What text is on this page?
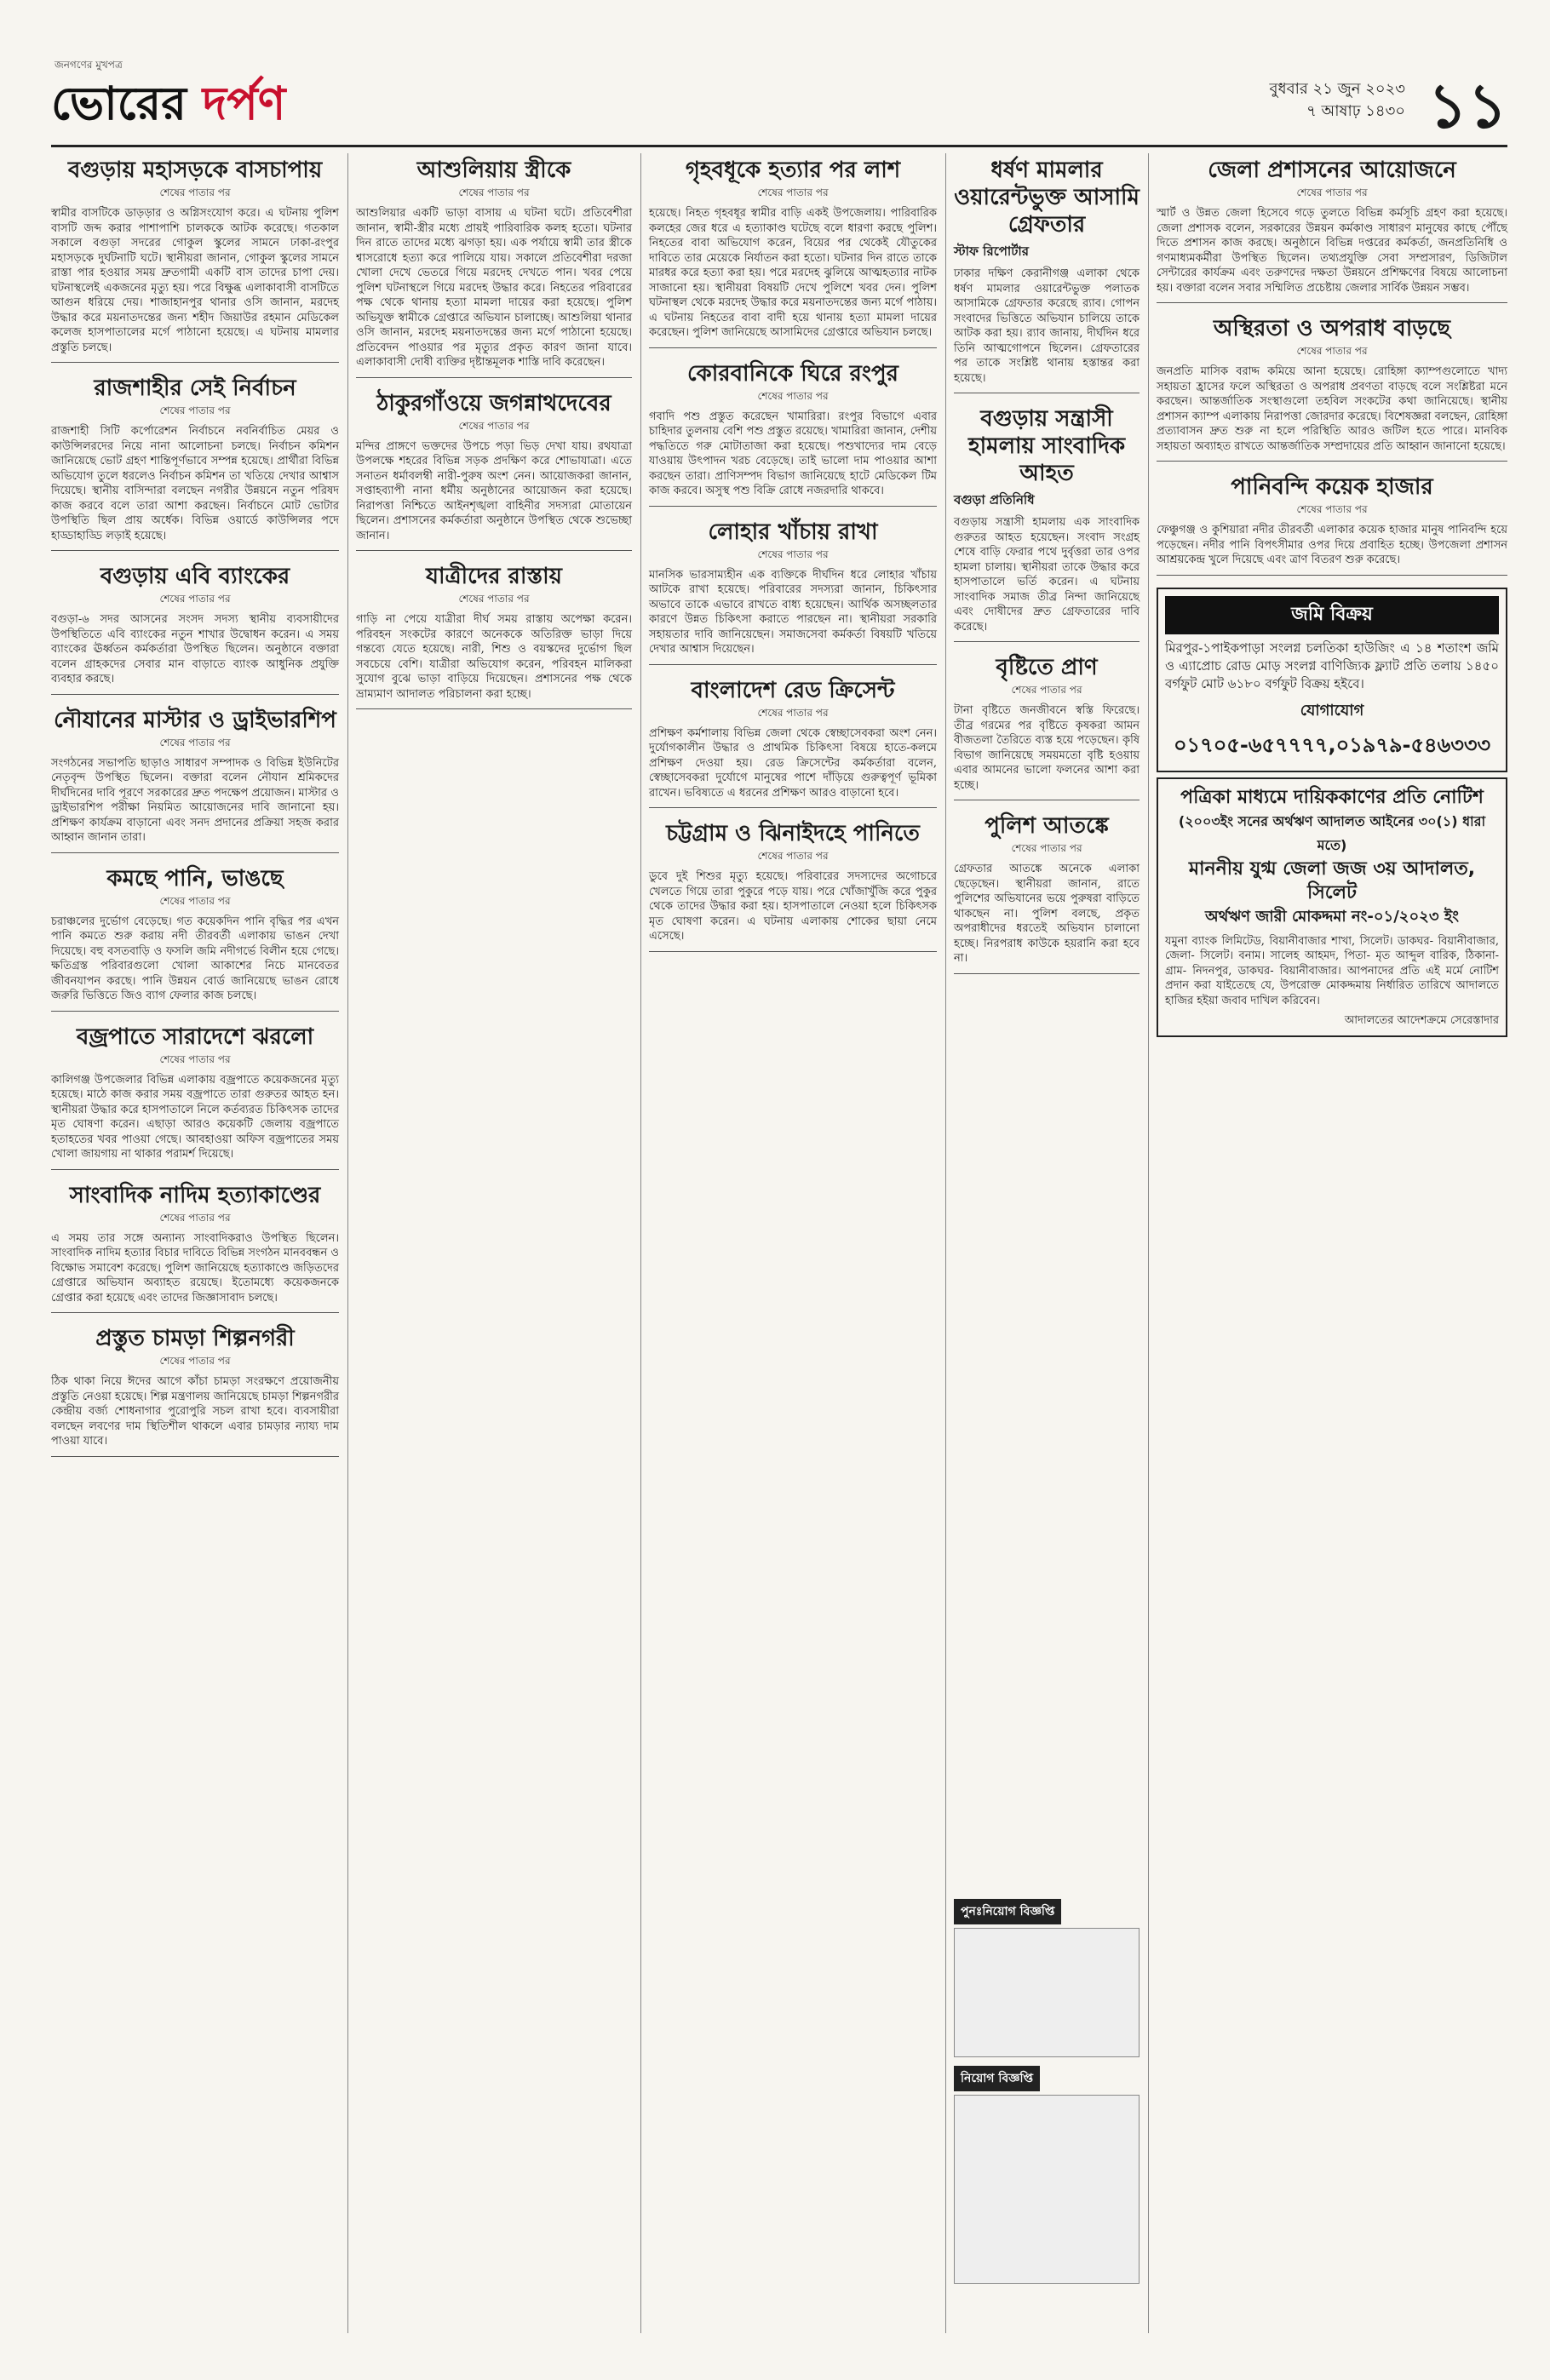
জনগণের মুখপত্র
ভোরের দর্পণ	বুধবার ২১ জুন ২০২৩
৭ আষাঢ় ১৪৩০ ১১
বগুড়ায় মহাসড়কে বাসচাপায়
শেষের পাতার পর
স্বামীর বাসটিকে ডাড়ড়ার ও অগ্নিসংযোগ করে। এ ঘটনায় পুলিশ বাসটি জব্দ করার পাশাপাশি চালককে আটক করেছে। গতকাল সকালে বগুড়া সদরের গোকুল স্কুলের সামনে ঢাকা-রংপুর মহাসড়কে দুর্ঘটনাটি ঘটে। স্থানীয়রা জানান, গোকুল স্কুলের সামনে রাস্তা পার হওয়ার সময় দ্রুতগামী একটি বাস তাদের চাপা দেয়। ঘটনাস্থলেই একজনের মৃত্যু হয়। পরে বিক্ষুব্ধ এলাকাবাসী বাসটিতে আগুন ধরিয়ে দেয়। শাজাহানপুর থানার ওসি জানান, মরদেহ উদ্ধার করে ময়নাতদন্তের জন্য শহীদ জিয়াউর রহমান মেডিকেল কলেজ হাসপাতালের মর্গে পাঠানো হয়েছে। এ ঘটনায় মামলার প্রস্তুতি চলছে।
রাজশাহীর সেই নির্বাচন
শেষের পাতার পর
রাজশাহী সিটি কর্পোরেশন নির্বাচনে নবনির্বাচিত মেয়র ও কাউন্সিলরদের নিয়ে নানা আলোচনা চলছে। নির্বাচন কমিশন জানিয়েছে ভোট গ্রহণ শান্তিপূর্ণভাবে সম্পন্ন হয়েছে। প্রার্থীরা বিভিন্ন অভিযোগ তুলে ধরলেও নির্বাচন কমিশন তা খতিয়ে দেখার আশ্বাস দিয়েছে। স্থানীয় বাসিন্দারা বলছেন নগরীর উন্নয়নে নতুন পরিষদ কাজ করবে বলে তারা আশা করছেন। নির্বাচনে মোট ভোটার উপস্থিতি ছিল প্রায় অর্ধেক। বিভিন্ন ওয়ার্ডে কাউন্সিলর পদে হাড্ডাহাড্ডি লড়াই হয়েছে।
বগুড়ায় এবি ব্যাংকের
শেষের পাতার পর
বগুড়া-৬ সদর আসনের সংসদ সদস্য স্থানীয় ব্যবসায়ীদের উপস্থিতিতে এবি ব্যাংকের নতুন শাখার উদ্বোধন করেন। এ সময় ব্যাংকের ঊর্ধ্বতন কর্মকর্তারা উপস্থিত ছিলেন। অনুষ্ঠানে বক্তারা বলেন গ্রাহকদের সেবার মান বাড়াতে ব্যাংক আধুনিক প্রযুক্তি ব্যবহার করছে।
নৌযানের মাস্টার ও ড্রাইভারশিপ
শেষের পাতার পর
সংগঠনের সভাপতি ছাড়াও সাধারণ সম্পাদক ও বিভিন্ন ইউনিটের নেতৃবৃন্দ উপস্থিত ছিলেন। বক্তারা বলেন নৌযান শ্রমিকদের দীর্ঘদিনের দাবি পূরণে সরকারের দ্রুত পদক্ষেপ প্রয়োজন। মাস্টার ও ড্রাইভারশিপ পরীক্ষা নিয়মিত আয়োজনের দাবি জানানো হয়। প্রশিক্ষণ কার্যক্রম বাড়ানো এবং সনদ প্রদানের প্রক্রিয়া সহজ করার আহ্বান জানান তারা।
কমছে পানি, ভাঙছে
শেষের পাতার পর
চরাঞ্চলের দুর্ভোগ বেড়েছে। গত কয়েকদিন পানি বৃদ্ধির পর এখন পানি কমতে শুরু করায় নদী তীরবর্তী এলাকায় ভাঙন দেখা দিয়েছে। বহু বসতবাড়ি ও ফসলি জমি নদীগর্ভে বিলীন হয়ে গেছে। ক্ষতিগ্রস্ত পরিবারগুলো খোলা আকাশের নিচে মানবেতর জীবনযাপন করছে। পানি উন্নয়ন বোর্ড জানিয়েছে ভাঙন রোধে জরুরি ভিত্তিতে জিও ব্যাগ ফেলার কাজ চলছে।
বজ্রপাতে সারাদেশে ঝরলো
শেষের পাতার পর
কালিগঞ্জ উপজেলার বিভিন্ন এলাকায় বজ্রপাতে কয়েকজনের মৃত্যু হয়েছে। মাঠে কাজ করার সময় বজ্রপাতে তারা গুরুতর আহত হন। স্থানীয়রা উদ্ধার করে হাসপাতালে নিলে কর্তব্যরত চিকিৎসক তাদের মৃত ঘোষণা করেন। এছাড়া আরও কয়েকটি জেলায় বজ্রপাতে হতাহতের খবর পাওয়া গেছে। আবহাওয়া অফিস বজ্রপাতের সময় খোলা জায়গায় না থাকার পরামর্শ দিয়েছে।
সাংবাদিক নাদিম হত্যাকাণ্ডের
শেষের পাতার পর
এ সময় তার সঙ্গে অন্যান্য সাংবাদিকরাও উপস্থিত ছিলেন। সাংবাদিক নাদিম হত্যার বিচার দাবিতে বিভিন্ন সংগঠন মানববন্ধন ও বিক্ষোভ সমাবেশ করেছে। পুলিশ জানিয়েছে হত্যাকাণ্ডে জড়িতদের গ্রেপ্তারে অভিযান অব্যাহত রয়েছে। ইতোমধ্যে কয়েকজনকে গ্রেপ্তার করা হয়েছে এবং তাদের জিজ্ঞাসাবাদ চলছে।
প্রস্তুত চামড়া শিল্পনগরী
শেষের পাতার পর
ঠিক থাকা নিয়ে ঈদের আগে কাঁচা চামড়া সংরক্ষণে প্রয়োজনীয় প্রস্তুতি নেওয়া হয়েছে। শিল্প মন্ত্রণালয় জানিয়েছে চামড়া শিল্পনগরীর কেন্দ্রীয় বর্জ্য শোধনাগার পুরোপুরি সচল রাখা হবে। ব্যবসায়ীরা বলছেন লবণের দাম স্থিতিশীল থাকলে এবার চামড়ার ন্যায্য দাম পাওয়া যাবে।
আশুলিয়ায় স্ত্রীকে
শেষের পাতার পর
আশুলিয়ার একটি ভাড়া বাসায় এ ঘটনা ঘটে। প্রতিবেশীরা জানান, স্বামী-স্ত্রীর মধ্যে প্রায়ই পারিবারিক কলহ হতো। ঘটনার দিন রাতে তাদের মধ্যে ঝগড়া হয়। এক পর্যায়ে স্বামী তার স্ত্রীকে শ্বাসরোধে হত্যা করে পালিয়ে যায়। সকালে প্রতিবেশীরা দরজা খোলা দেখে ভেতরে গিয়ে মরদেহ দেখতে পান। খবর পেয়ে পুলিশ ঘটনাস্থলে গিয়ে মরদেহ উদ্ধার করে। নিহতের পরিবারের পক্ষ থেকে থানায় হত্যা মামলা দায়ের করা হয়েছে। পুলিশ অভিযুক্ত স্বামীকে গ্রেপ্তারে অভিযান চালাচ্ছে। আশুলিয়া থানার ওসি জানান, মরদেহ ময়নাতদন্তের জন্য মর্গে পাঠানো হয়েছে। প্রতিবেদন পাওয়ার পর মৃত্যুর প্রকৃত কারণ জানা যাবে। এলাকাবাসী দোষী ব্যক্তির দৃষ্টান্তমূলক শাস্তি দাবি করেছেন।
ঠাকুরগাঁওয়ে জগন্নাথদেবের
শেষের পাতার পর
মন্দির প্রাঙ্গণে ভক্তদের উপচে পড়া ভিড় দেখা যায়। রথযাত্রা উপলক্ষে শহরের বিভিন্ন সড়ক প্রদক্ষিণ করে শোভাযাত্রা। এতে সনাতন ধর্মাবলম্বী নারী-পুরুষ অংশ নেন। আয়োজকরা জানান, সপ্তাহব্যাপী নানা ধর্মীয় অনুষ্ঠানের আয়োজন করা হয়েছে। নিরাপত্তা নিশ্চিতে আইনশৃঙ্খলা বাহিনীর সদস্যরা মোতায়েন ছিলেন। প্রশাসনের কর্মকর্তারা অনুষ্ঠানে উপস্থিত থেকে শুভেচ্ছা জানান।
যাত্রীদের রাস্তায়
শেষের পাতার পর
গাড়ি না পেয়ে যাত্রীরা দীর্ঘ সময় রাস্তায় অপেক্ষা করেন। পরিবহন সংকটের কারণে অনেককে অতিরিক্ত ভাড়া দিয়ে গন্তব্যে যেতে হয়েছে। নারী, শিশু ও বয়স্কদের দুর্ভোগ ছিল সবচেয়ে বেশি। যাত্রীরা অভিযোগ করেন, পরিবহন মালিকরা সুযোগ বুঝে ভাড়া বাড়িয়ে দিয়েছেন। প্রশাসনের পক্ষ থেকে ভ্রাম্যমাণ আদালত পরিচালনা করা হচ্ছে।
গৃহবধূকে হত্যার পর লাশ
শেষের পাতার পর
হয়েছে। নিহত গৃহবধূর স্বামীর বাড়ি একই উপজেলায়। পারিবারিক কলহের জের ধরে এ হত্যাকাণ্ড ঘটেছে বলে ধারণা করছে পুলিশ। নিহতের বাবা অভিযোগ করেন, বিয়ের পর থেকেই যৌতুকের দাবিতে তার মেয়েকে নির্যাতন করা হতো। ঘটনার দিন রাতে তাকে মারধর করে হত্যা করা হয়। পরে মরদেহ ঝুলিয়ে আত্মহত্যার নাটক সাজানো হয়। স্থানীয়রা বিষয়টি দেখে পুলিশে খবর দেন। পুলিশ ঘটনাস্থল থেকে মরদেহ উদ্ধার করে ময়নাতদন্তের জন্য মর্গে পাঠায়। এ ঘটনায় নিহতের বাবা বাদী হয়ে থানায় হত্যা মামলা দায়ের করেছেন। পুলিশ জানিয়েছে আসামিদের গ্রেপ্তারে অভিযান চলছে।
কোরবানিকে ঘিরে রংপুর
শেষের পাতার পর
গবাদি পশু প্রস্তুত করেছেন খামারিরা। রংপুর বিভাগে এবার চাহিদার তুলনায় বেশি পশু প্রস্তুত রয়েছে। খামারিরা জানান, দেশীয় পদ্ধতিতে গরু মোটাতাজা করা হয়েছে। পশুখাদ্যের দাম বেড়ে যাওয়ায় উৎপাদন খরচ বেড়েছে। তাই ভালো দাম পাওয়ার আশা করছেন তারা। প্রাণিসম্পদ বিভাগ জানিয়েছে হাটে মেডিকেল টিম কাজ করবে। অসুস্থ পশু বিক্রি রোধে নজরদারি থাকবে।
লোহার খাঁচায় রাখা
শেষের পাতার পর
মানসিক ভারসাম্যহীন এক ব্যক্তিকে দীর্ঘদিন ধরে লোহার খাঁচায় আটকে রাখা হয়েছে। পরিবারের সদস্যরা জানান, চিকিৎসার অভাবে তাকে এভাবে রাখতে বাধ্য হয়েছেন। আর্থিক অসচ্ছলতার কারণে উন্নত চিকিৎসা করাতে পারছেন না। স্থানীয়রা সরকারি সহায়তার দাবি জানিয়েছেন। সমাজসেবা কর্মকর্তা বিষয়টি খতিয়ে দেখার আশ্বাস দিয়েছেন।
বাংলাদেশ রেড ক্রিসেন্ট
শেষের পাতার পর
প্রশিক্ষণ কর্মশালায় বিভিন্ন জেলা থেকে স্বেচ্ছাসেবকরা অংশ নেন। দুর্যোগকালীন উদ্ধার ও প্রাথমিক চিকিৎসা বিষয়ে হাতে-কলমে প্রশিক্ষণ দেওয়া হয়। রেড ক্রিসেন্টের কর্মকর্তারা বলেন, স্বেচ্ছাসেবকরা দুর্যোগে মানুষের পাশে দাঁড়িয়ে গুরুত্বপূর্ণ ভূমিকা রাখেন। ভবিষ্যতে এ ধরনের প্রশিক্ষণ আরও বাড়ানো হবে।
চট্টগ্রাম ও ঝিনাইদহে পানিতে
শেষের পাতার পর
ডুবে দুই শিশুর মৃত্যু হয়েছে। পরিবারের সদস্যদের অগোচরে খেলতে গিয়ে তারা পুকুরে পড়ে যায়। পরে খোঁজাখুঁজি করে পুকুর থেকে তাদের উদ্ধার করা হয়। হাসপাতালে নেওয়া হলে চিকিৎসক মৃত ঘোষণা করেন। এ ঘটনায় এলাকায় শোকের ছায়া নেমে এসেছে।
ধর্ষণ মামলার ওয়ারেন্টভুক্ত আসামি গ্রেফতার
স্টাফ রিপোর্টার
ঢাকার দক্ষিণ কেরানীগঞ্জ এলাকা থেকে ধর্ষণ মামলার ওয়ারেন্টভুক্ত পলাতক আসামিকে গ্রেফতার করেছে র‍্যাব। গোপন সংবাদের ভিত্তিতে অভিযান চালিয়ে তাকে আটক করা হয়। র‍্যাব জানায়, দীর্ঘদিন ধরে তিনি আত্মগোপনে ছিলেন। গ্রেফতারের পর তাকে সংশ্লিষ্ট থানায় হস্তান্তর করা হয়েছে।
বগুড়ায় সন্ত্রাসী হামলায় সাংবাদিক আহত
বগুড়া প্রতিনিধি
বগুড়ায় সন্ত্রাসী হামলায় এক সাংবাদিক গুরুতর আহত হয়েছেন। সংবাদ সংগ্রহ শেষে বাড়ি ফেরার পথে দুর্বৃত্তরা তার ওপর হামলা চালায়। স্থানীয়রা তাকে উদ্ধার করে হাসপাতালে ভর্তি করেন। এ ঘটনায় সাংবাদিক সমাজ তীব্র নিন্দা জানিয়েছে এবং দোষীদের দ্রুত গ্রেফতারের দাবি করেছে।
বৃষ্টিতে প্রাণ
শেষের পাতার পর
টানা বৃষ্টিতে জনজীবনে স্বস্তি ফিরেছে। তীব্র গরমের পর বৃষ্টিতে কৃষকরা আমন বীজতলা তৈরিতে ব্যস্ত হয়ে পড়েছেন। কৃষি বিভাগ জানিয়েছে সময়মতো বৃষ্টি হওয়ায় এবার আমনের ভালো ফলনের আশা করা হচ্ছে।
পুলিশ আতঙ্কে
শেষের পাতার পর
গ্রেফতার আতঙ্কে অনেকে এলাকা ছেড়েছেন। স্থানীয়রা জানান, রাতে পুলিশের অভিযানের ভয়ে পুরুষরা বাড়িতে থাকছেন না। পুলিশ বলছে, প্রকৃত অপরাধীদের ধরতেই অভিযান চালানো হচ্ছে। নিরপরাধ কাউকে হয়রানি করা হবে না।
জেলা প্রশাসনের আয়োজনে
শেষের পাতার পর
স্মার্ট ও উন্নত জেলা হিসেবে গড়ে তুলতে বিভিন্ন কর্মসূচি গ্রহণ করা হয়েছে। জেলা প্রশাসক বলেন, সরকারের উন্নয়ন কর্মকাণ্ড সাধারণ মানুষের কাছে পৌঁছে দিতে প্রশাসন কাজ করছে। অনুষ্ঠানে বিভিন্ন দপ্তরের কর্মকর্তা, জনপ্রতিনিধি ও গণমাধ্যমকর্মীরা উপস্থিত ছিলেন। তথ্যপ্রযুক্তি সেবা সম্প্রসারণ, ডিজিটাল সেন্টারের কার্যক্রম এবং তরুণদের দক্ষতা উন্নয়নে প্রশিক্ষণের বিষয়ে আলোচনা হয়। বক্তারা বলেন সবার সম্মিলিত প্রচেষ্টায় জেলার সার্বিক উন্নয়ন সম্ভব।
অস্থিরতা ও অপরাধ বাড়ছে
শেষের পাতার পর
জনপ্রতি মাসিক বরাদ্দ কমিয়ে আনা হয়েছে। রোহিঙ্গা ক্যাম্পগুলোতে খাদ্য সহায়তা হ্রাসের ফলে অস্থিরতা ও অপরাধ প্রবণতা বাড়ছে বলে সংশ্লিষ্টরা মনে করছেন। আন্তর্জাতিক সংস্থাগুলো তহবিল সংকটের কথা জানিয়েছে। স্থানীয় প্রশাসন ক্যাম্প এলাকায় নিরাপত্তা জোরদার করেছে। বিশেষজ্ঞরা বলছেন, রোহিঙ্গা প্রত্যাবাসন দ্রুত শুরু না হলে পরিস্থিতি আরও জটিল হতে পারে। মানবিক সহায়তা অব্যাহত রাখতে আন্তর্জাতিক সম্প্রদায়ের প্রতি আহ্বান জানানো হয়েছে।
পানিবন্দি কয়েক হাজার
শেষের পাতার পর
ফেঞ্চুগঞ্জ ও কুশিয়ারা নদীর তীরবর্তী এলাকার কয়েক হাজার মানুষ পানিবন্দি হয়ে পড়েছেন। নদীর পানি বিপৎসীমার ওপর দিয়ে প্রবাহিত হচ্ছে। উপজেলা প্রশাসন আশ্রয়কেন্দ্র খুলে দিয়েছে এবং ত্রাণ বিতরণ শুরু করেছে।
জমি বিক্রয়
মিরপুর-১পাইকপাড়া সংলগ্ন চলতিকা হাউজিং এ ১৪ শতাংশ জমি ও এ্যাপ্রোচ রোড মোড় সংলগ্ন বাণিজ্যিক ফ্ল্যাট প্রতি তলায় ১৪৫০ বর্গফুট মোট ৬১৮০ বর্গফুট বিক্রয় হইবে।
যোগাযোগ
০১৭০৫-৬৫৭৭৭৭,০১৯৭৯-৫৪৬৩৩৩
পত্রিকা মাধ্যমে দায়িককাণের প্রতি নোটিশ
(২০০৩ইং সনের অর্থঋণ আদালত আইনের ৩০(১) ধারা মতে)
মাননীয় যুগ্ম জেলা জজ ৩য় আদালত, সিলেট
অর্থঋণ জারী মোকদ্দমা নং-০১/২০২৩ ইং
যমুনা ব্যাংক লিমিটেড, বিয়ানীবাজার শাখা, সিলেট। ডাকঘর- বিয়ানীবাজার, জেলা- সিলেট। বনাম। সালেহ আহমদ, পিতা- মৃত আব্দুল বারিক, ঠিকানা- গ্রাম- নিদনপুর, ডাকঘর- বিয়ানীবাজার। আপনাদের প্রতি এই মর্মে নোটিশ প্রদান করা যাইতেছে যে, উপরোক্ত মোকদ্দমায় নির্ধারিত তারিখে আদালতে হাজির হইয়া জবাব দাখিল করিবেন।
আদালতের আদেশক্রমে সেরেস্তাদার
পুনঃনিয়োগ বিজ্ঞপ্তি
নিয়োগ বিজ্ঞপ্তি
